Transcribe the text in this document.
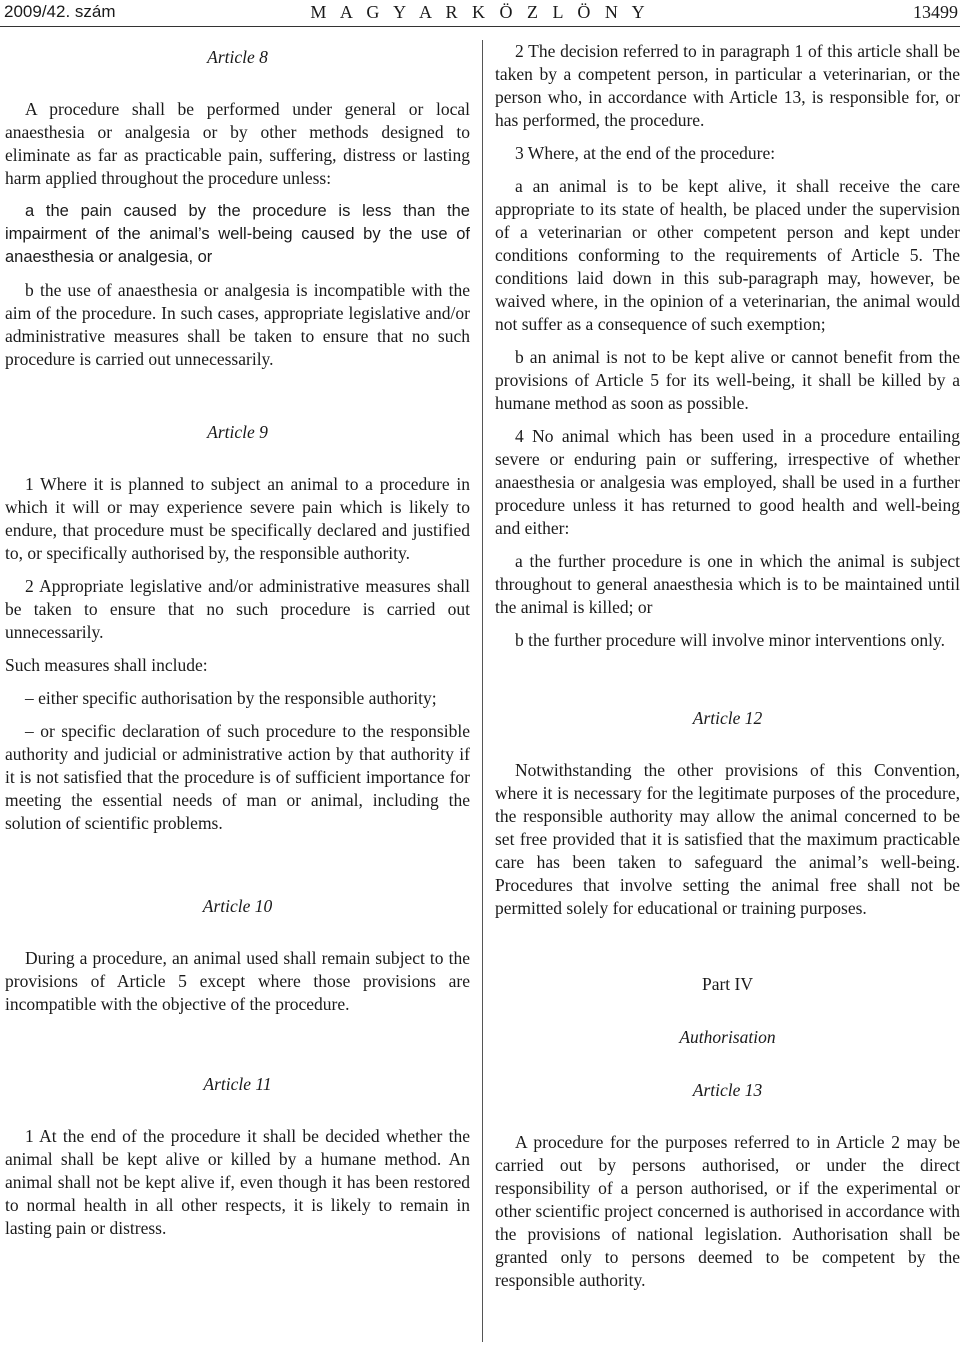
2009/42. szám	M A G Y A R K Ö Z L Ö N Y	13499

Article 8

A procedure shall be performed under general or local anaesthesia or analgesia or by other methods designed to eliminate as far as practicable pain, suffering, distress or lasting harm applied throughout the procedure unless:

a the pain caused by the procedure is less than the impairment of the animal’s well-being caused by the use of anaesthesia or analgesia, or

b the use of anaesthesia or analgesia is incompatible with the aim of the procedure. In such cases, appropriate legislative and/or administrative measures shall be taken to ensure that no such procedure is carried out unnecessarily.

Article 9

1 Where it is planned to subject an animal to a procedure in which it will or may experience severe pain which is likely to endure, that procedure must be specifically declared and justified to, or specifically authorised by, the responsible authority.

2 Appropriate legislative and/or administrative measures shall be taken to ensure that no such procedure is carried out unnecessarily.

Such measures shall include:

– either specific authorisation by the responsible authority;

– or specific declaration of such procedure to the responsible authority and judicial or administrative action by that authority if it is not satisfied that the procedure is of sufficient importance for meeting the essential needs of man or animal, including the solution of scientific problems.

Article 10

During a procedure, an animal used shall remain subject to the provisions of Article 5 except where those provisions are incompatible with the objective of the procedure.

Article 11

1 At the end of the procedure it shall be decided whether the animal shall be kept alive or killed by a humane method. An animal shall not be kept alive if, even though it has been restored to normal health in all other respects, it is likely to remain in lasting pain or distress.

2 The decision referred to in paragraph 1 of this article shall be taken by a competent person, in particular a veterinarian, or the person who, in accordance with Article 13, is responsible for, or has performed, the procedure.

3 Where, at the end of the procedure:

a an animal is to be kept alive, it shall receive the care appropriate to its state of health, be placed under the supervision of a veterinarian or other competent person and kept under conditions conforming to the requirements of Article 5. The conditions laid down in this sub-paragraph may, however, be waived where, in the opinion of a veterinarian, the animal would not suffer as a consequence of such exemption;

b an animal is not to be kept alive or cannot benefit from the provisions of Article 5 for its well-being, it shall be killed by a humane method as soon as possible.

4 No animal which has been used in a procedure entailing severe or enduring pain or suffering, irrespective of whether anaesthesia or analgesia was employed, shall be used in a further procedure unless it has returned to good health and well-being and either:

a the further procedure is one in which the animal is subject throughout to general anaesthesia which is to be maintained until the animal is killed; or

b the further procedure will involve minor interventions only.

Article 12

Notwithstanding the other provisions of this Convention, where it is necessary for the legitimate purposes of the procedure, the responsible authority may allow the animal concerned to be set free provided that it is satisfied that the maximum practicable care has been taken to safeguard the animal’s well-being. Procedures that involve setting the animal free shall not be permitted solely for educational or training purposes.

Part IV

Authorisation

Article 13

A procedure for the purposes referred to in Article 2 may be carried out by persons authorised, or under the direct responsibility of a person authorised, or if the experimental or other scientific project concerned is authorised in accordance with the provisions of national legislation. Authorisation shall be granted only to persons deemed to be competent by the responsible authority.
